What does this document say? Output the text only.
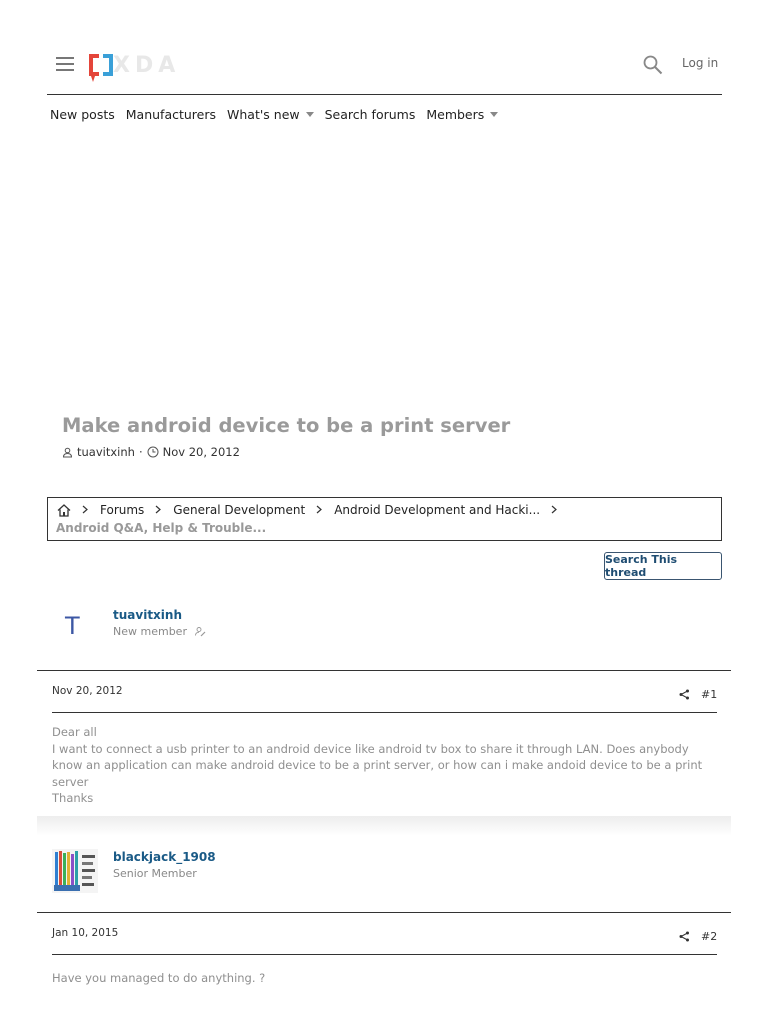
XDA	Log in
New posts Manufacturers What's new Search forums Members
Make android device to be a print server
tuavitxinh · Nov 20, 2012
Forums General Development Android Development and Hacki...
Android Q&A, Help & Trouble...
Search This thread
T	tuavitxinh
New member
Nov 20, 2012	#1
Dear all
I want to connect a usb printer to an android device like android tv box to share it through LAN. Does anybody know an application can make android device to be a print server, or how can i make andoid device to be a print server
Thanks
blackjack_1908
Senior Member
Jan 10, 2015	#2
Have you managed to do anything. ?
